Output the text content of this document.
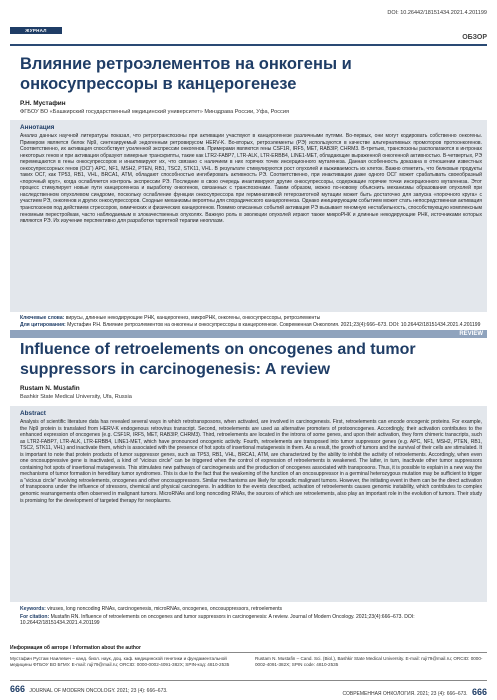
DOI: 10.26442/18151434.2021.4.201199
ЖУРНАЛ СОВРЕМЕННОЙ	ОБЗОР
Влияние ретроэлементов на онкогены и онкосупрессоры в канцерогенезе
Р.Н. Мустафин
ФГБОУ ВО «Башкирский государственный медицинский университет» Минздрава России, Уфа, Россия
Аннотация

Анализ данных научной литературы показал, что ретротранспозоны при активации участвуют в канцерогенезе различными путями. Во-первых, они могут кодировать собственно онкогены. Примером является белок Np9, синтезируемый эндогенным ретровирусом HERV-K. Во-вторых, ретроэлементы (РЭ) используются в качестве альтернативных промоторов протоонкогенов. Соответственно, их активация способствует усиленной экспрессии онкогенов. Примерами являются гены CSF1R, IRF5, MET, RAB3IP, CHRM3. В-третьих, транспозоны располагаются в интронах некоторых генов и при активации образуют химерные транскрипты, такие как LTR2-FABP7, LTR-ALK, LTR-ERBB4, LINE1-MET, обладающие выраженной онкогенной активностью. В-четвертых, РЭ перемещаются в гены онкосупрессоров и инактивируют их, что связано с наличием в них горячих точек инсерционного мутагенеза. Данная особенность доказана в отношении известных онкосупрессорных генов (ОСГ) APC, NF1, MSH2, PTEN, RB1, TSC2, STK11, VHL. В результате стимулируются рост опухолей и выживаемость их клеток. Важно отметить, что белковые продукты таких ОСГ, как TP53, RB1, VHL, BRCA1, ATM, обладают способностью ингибировать активность РЭ. Соответственно, при инактивации даже одного ОСГ может срабатывать своеобразный «порочный круг», когда ослабляется контроль экспрессии РЭ. Последние в свою очередь инактивируют другие онкосупрессоры, содержащие горячие точки инсерционного мутагенеза. Этот процесс стимулирует новые пути канцерогенеза и выработку онкогенов, связанных с транспозонами. Таким образом, можно по-новому объяснить механизмы образования опухолей при наследственном опухолевом синдроме, поскольку ослабление функции онкосупрессора при герминативной гетерозиготной мутации может быть достаточно для запуска «порочного круга» с участием РЭ, онкогенов и других онкосупрессоров. Сходные механизмы вероятны для спорадического канцерогенеза. Однако инициирующим событием может стать непосредственная активация транспозонов под действием стрессоров, химических и физических канцерогенов. Помимо описанных событий активация РЭ вызывает геномную нестабильность, способствующую комплексным геномным перестройкам, часто наблюдаемым в злокачественных опухолях. Важную роль в эволюции опухолей играют также микроРНК и длинные некодирующие РНК, источниками которых являются РЭ. Их изучение перспективно для разработки таргетной терапии неоплазм.

Ключевые слова: вирусы, длинные некодирующие РНК, канцерогенез, микроРНК, онкогены, онкосупрессоры, ретроэлементы
Для цитирования: Мустафин Р.Н. Влияние ретроэлементов на онкогены и онкосупрессоры в канцерогенезе. Современная Онкология. 2021;23(4):666–673. DOI: 10.26442/18151434.2021.4.201199
REVIEW
Influence of retroelements on oncogenes and tumor suppressors in carcinogenesis: A review
Rustam N. Mustafin
Bashkir State Medical University, Ufa, Russia
Abstract

Analysis of scientific literature data has revealed several ways in which retrotransposons, when activated, are involved in carcinogenesis. First, retroelements can encode oncogenic proteins. For example, the Np9 protein is translated from HERV-K endogenous retrovirus transcript. Second, retroelements are used as alternative promoters of protooncogenes. Accordingly, their activation contributes to the enhanced expression of oncogenes (e.g. CSF1R, IRF5, MET, RAB3IP, CHRM3). Third, retroelements are located in the introns of some genes, and upon their activation, they form chimeric transcripts, such as LTR2-FABP7, LTR-ALK, LTR-ERBB4, LINE1-MET, which have pronounced oncogenic activity. Fourth, retroelements are transposed into tumor suppressor genes (e.g. APC, NF1, MSH2, PTEN, RB1, TSC2, STK11, VHL) and inactivate them, which is associated with the presence of hot spots of insertional mutagenesis in them. As a result, the growth of tumors and the survival of their cells are stimulated. It is important to note that protein products of tumor suppressor genes, such as TP53, RB1, VHL, BRCA1, ATM, are characterized by the ability to inhibit the activity of retroelements. Accordingly, when even one oncosuppressive gene is inactivated, a kind of “vicious circle” can be triggered when the control of expression of retroelements is weakened. The latter, in turn, inactivate other tumor suppressors containing hot spots of insertional mutagenesis. This stimulates new pathways of carcinogenesis and the production of oncogenes associated with transposons. Thus, it is possible to explain in a new way the mechanisms of tumor formation in hereditary tumor syndromes. This is due to the fact that the weakening of the function of an oncosuppressor in a germinal heterozygous mutation may be sufficient to trigger a “vicious circle” involving retroelements, oncogenes and other oncosuppressors. Similar mechanisms are likely for sporadic malignant tumors. However, the initiating event in them can be the direct activation of transposons under the influence of stressors, chemical and physical carcinogens. In addition to the events described, activation of retroelements causes genomic instability, which contributes to complex genomic rearrangements often observed in malignant tumors. MicroRNAs and long noncoding RNAs, the sources of which are retroelements, also play an important role in the evolution of tumors. Their study is promising for the development of targeted therapy for neoplasms.

Keywords: viruses, long noncoding RNAs, carcinogenesis, microRNAs, oncogenes, oncosuppressors, retroelements
For citation: Mustafin RN. Influence of retroelements on oncogenes and tumor suppressors in carcinogenesis: A review. Journal of Modern Oncology. 2021;23(4):666–673. DOI: 10.26442/18151434.2021.4.201199
Информация об авторе / Information about the author
Мустафин Рустам Наилевич – канд. биол. наук, доц. каф. медицинской генетики и фундаментальной медицины ФГБОУ ВО БГМУ. E-mail: ruji79@mail.ru; ORCID: 0000-0002-4091-382X; SPIN-код: 4810-2535
Rustam N. Mustafin – Cand. Sci. (Biol.), Bashkir State Medical University. E-mail: ruji79@mail.ru; ORCID: 0000-0002-4091-382X; SPIN code: 4810-2535
666 JOURNAL OF MODERN ONCOLOGY. 2021; 23 (4): 666–673.	СОВРЕМЕННАЯ ОНКОЛОГИЯ. 2021; 23 (4): 666–673. 666
